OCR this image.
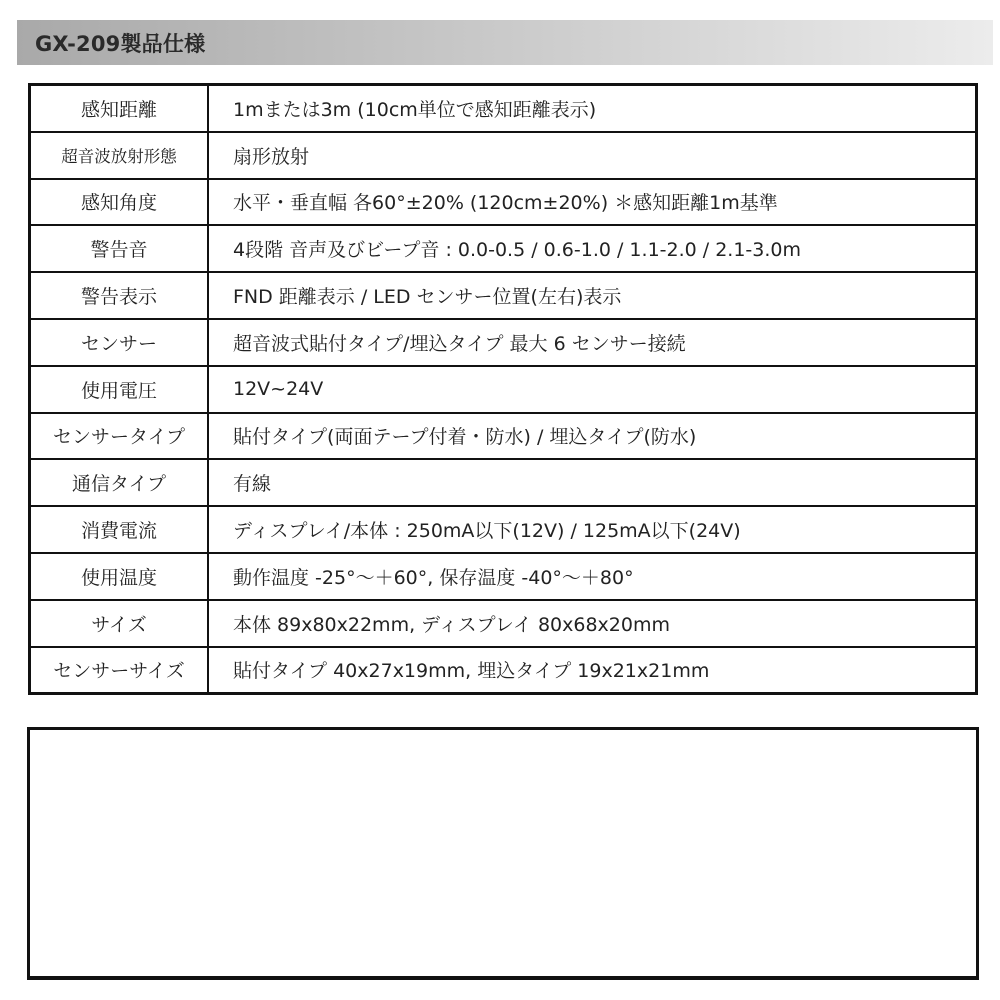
GX-209製品仕様
感知距離	1mまたは3m (10cm単位で感知距離表示)
超音波放射形態	扇形放射
感知角度	水平・垂直幅 各60°±20% (120cm±20%) ＊感知距離1m基準
警告音	4段階 音声及びビープ音 : 0.0-0.5 / 0.6-1.0 / 1.1-2.0 / 2.1-3.0m
警告表示	FND 距離表示 / LED センサー位置(左右)表示
センサー	超音波式貼付タイプ/埋込タイプ 最大 6 センサー接続
使用電圧	12V~24V
センサータイプ	貼付タイプ(両面テープ付着・防水) / 埋込タイプ(防水)
通信タイプ	有線
消費電流	ディスプレイ/本体 : 250mA以下(12V) / 125mA以下(24V)
使用温度	動作温度 -25°～＋60°, 保存温度 -40°～＋80°
サイズ	本体 89x80x22mm, ディスプレイ 80x68x20mm
センサーサイズ	貼付タイプ 40x27x19mm, 埋込タイプ 19x21x21mm
